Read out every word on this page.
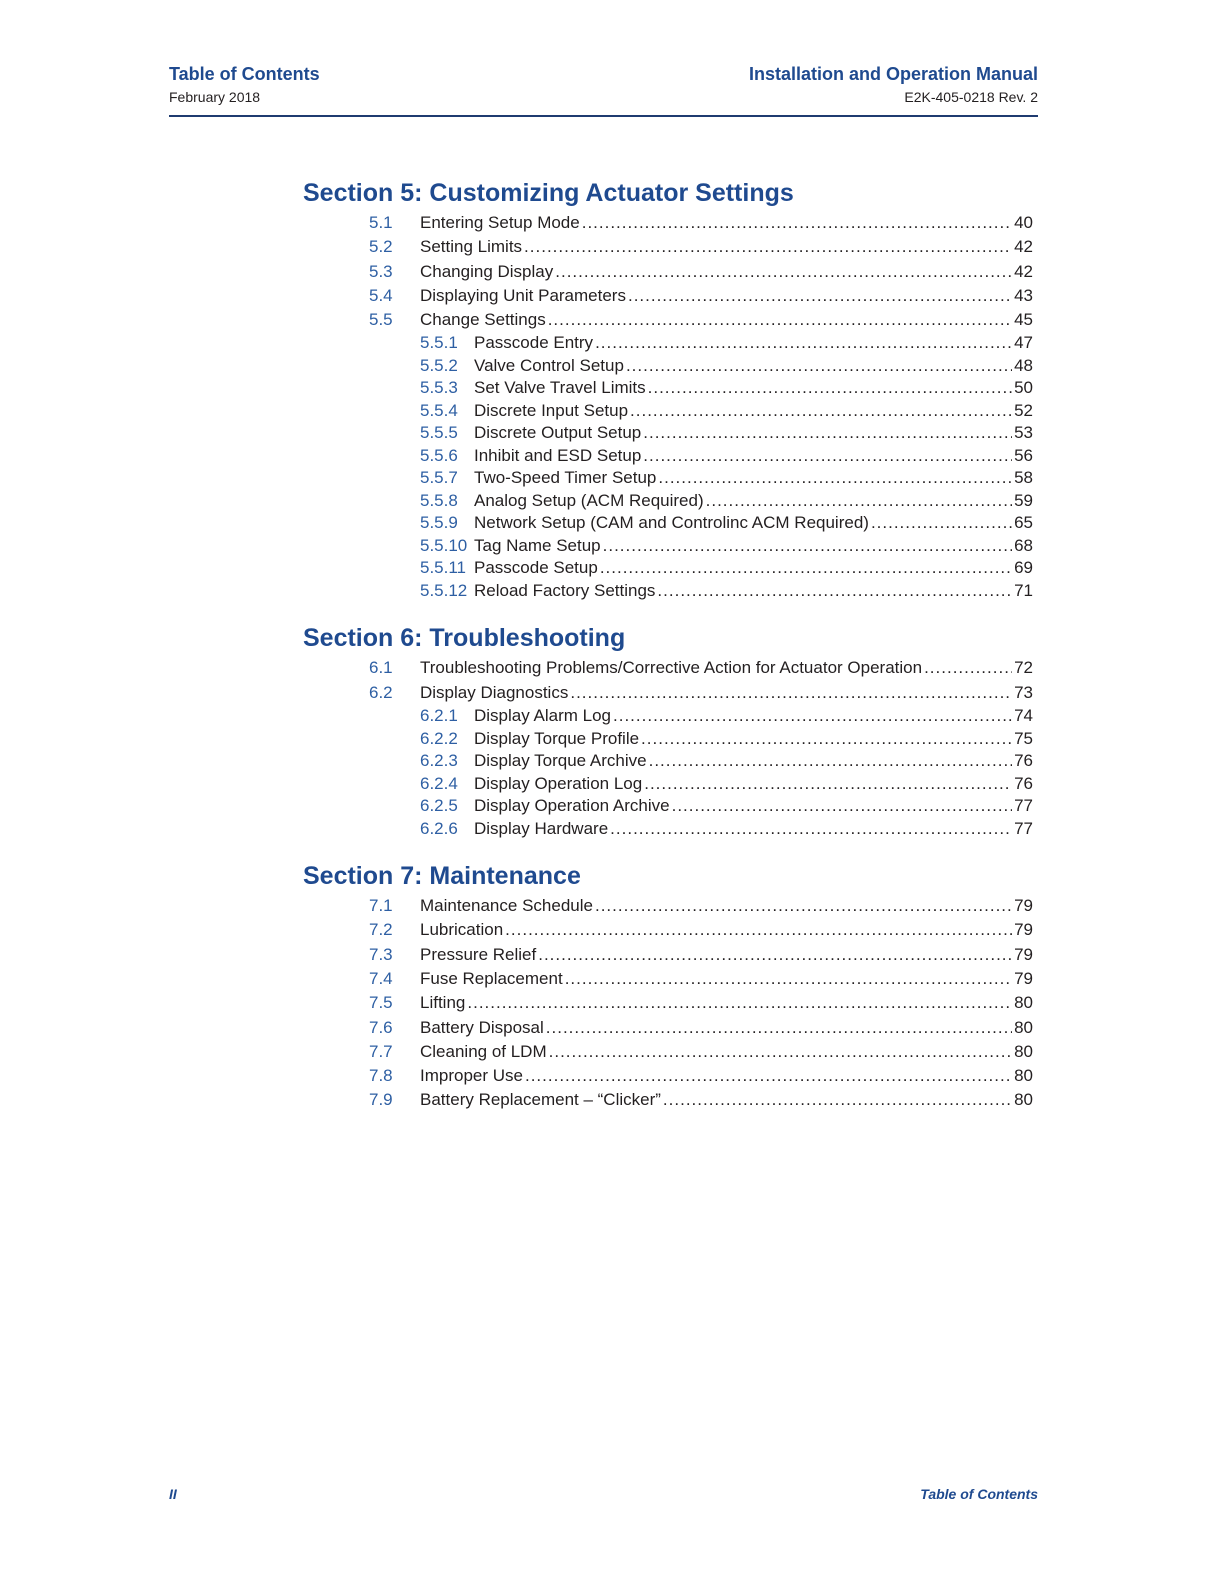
Table of Contents
February 2018
Installation and Operation Manual
E2K-405-0218 Rev. 2
Section 5: Customizing Actuator Settings
5.1	Entering Setup Mode .....	40
5.2	Setting Limits .....	42
5.3	Changing Display .....	42
5.4	Displaying Unit Parameters .....	43
5.5	Change Settings .....	45
5.5.1 Passcode Entry .....	47
5.5.2 Valve Control Setup .....	48
5.5.3 Set Valve Travel Limits .....	50
5.5.4 Discrete Input Setup .....	52
5.5.5 Discrete Output Setup .....	53
5.5.6 Inhibit and ESD Setup .....	56
5.5.7 Two-Speed Timer Setup .....	58
5.5.8 Analog Setup (ACM Required) .....	59
5.5.9 Network Setup (CAM and Controlinc ACM Required) .....	65
5.5.10 Tag Name Setup .....	68
5.5.11 Passcode Setup .....	69
5.5.12 Reload Factory Settings .....	71
Section 6: Troubleshooting
6.1	Troubleshooting Problems/Corrective Action for Actuator Operation .....	72
6.2	Display Diagnostics .....	73
6.2.1 Display Alarm Log .....	74
6.2.2 Display Torque Profile .....	75
6.2.3 Display Torque Archive .....	76
6.2.4 Display Operation Log .....	76
6.2.5 Display Operation Archive .....	77
6.2.6 Display Hardware .....	77
Section 7: Maintenance
7.1	Maintenance Schedule .....	79
7.2	Lubrication .....	79
7.3	Pressure Relief .....	79
7.4	Fuse Replacement .....	79
7.5	Lifting .....	80
7.6	Battery Disposal .....	80
7.7	Cleaning of LDM .....	80
7.8	Improper Use .....	80
7.9	Battery Replacement – “Clicker” .....	80
II	Table of Contents
